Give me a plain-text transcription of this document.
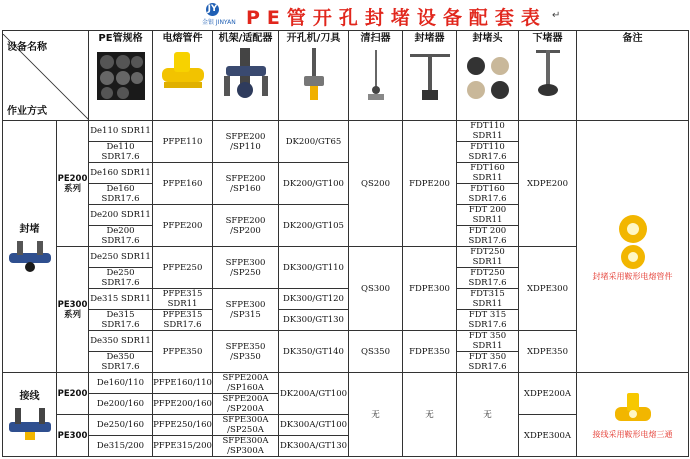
JY
金银 JINYAN PE管开孔封堵设备配套表 ↵
设备名称
作业方式		PE管规格	电熔管件	机架/适配器	开孔机/刀具	清扫器	封堵器	封堵头	下堵器	备注
封堵	PE200系列	De110 SDR11	PFPE110	SFPE200 /SP110	DK200/GT65	QS200	FDPE200	FDT110 SDR11	XDPE200	封堵采用鞍形电熔管件
		De110 SDR17.6						FDT110 SDR17.6		
		De160 SDR11	PFPE160	SFPE200 /SP160	DK200/GT100			FDT160 SDR11		
		De160 SDR17.6						FDT160 SDR17.6		
		De200 SDR11	PFPE200	SFPE200 /SP200	DK200/GT105			FDT 200 SDR11		
		De200 SDR17.6						FDT 200 SDR17.6		
	PE300系列	De250 SDR11	PFPE250	SFPE300 /SP250	DK300/GT110	QS300	FDPE300	FDT250 SDR11	XDPE300	
		De250 SDR17.6						FDT250 SDR17.6		
		De315 SDR11	PFPE315 SDR11	SFPE300 /SP315	DK300/GT120			FDT315 SDR11		
		De315 SDR17.6	PFPE315 SDR17.6		DK300/GT130			FDT 315 SDR17.6		
		De350 SDR11	PFPE350	SFPE350 /SP350	DK350/GT140	QS350	FDPE350	FDT 350 SDR11	XDPE350	
		De350 SDR17.6						FDT 350 SDR17.6		
接线	PE200	De160/110	PFPE160/110	SFPE200A /SP160A	DK200A/GT100	无	无	无	XDPE200A	接线采用鞍形电熔三通
		De200/160	PFPE200/160	SFPE200A /SP200A						
	PE300	De250/160	PFPE250/160	SFPE300A /SP250A	DK300A/GT100				XDPE300A	
		De315/200	PFPE315/200	SFPE300A /SP300A	DK300A/GT130					
